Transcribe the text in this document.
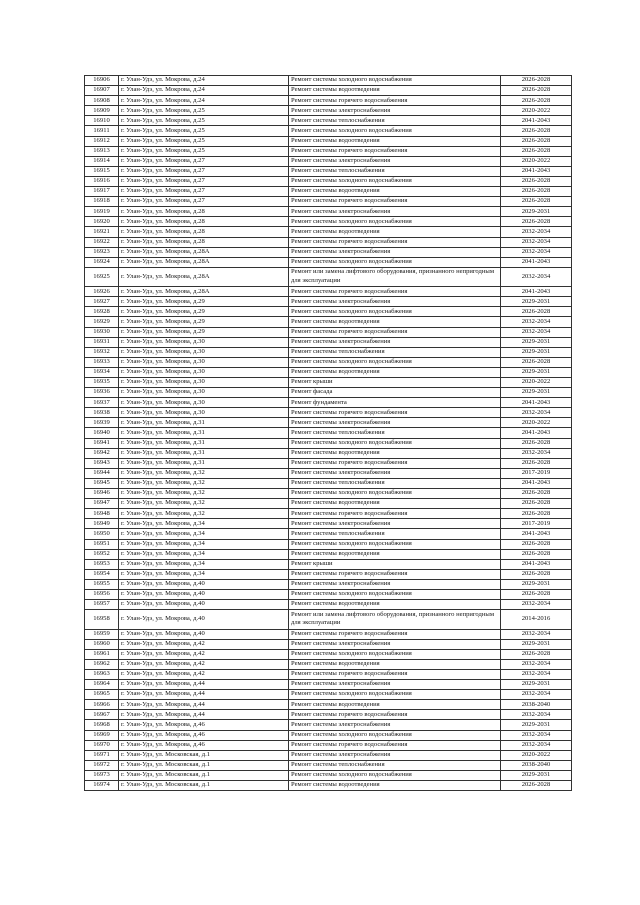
16906	г. Улан-Удэ, ул. Мокрова, д.24	Ремонт системы холодного водоснабжения	2026-2028
16907	г. Улан-Удэ, ул. Мокрова, д.24	Ремонт системы водоотведения	2026-2028
16908	г. Улан-Удэ, ул. Мокрова, д.24	Ремонт системы горячего водоснабжения	2026-2028
16909	г. Улан-Удэ, ул. Мокрова, д.25	Ремонт системы электроснабжения	2020-2022
16910	г. Улан-Удэ, ул. Мокрова, д.25	Ремонт системы теплоснабжения	2041-2043
16911	г. Улан-Удэ, ул. Мокрова, д.25	Ремонт системы холодного водоснабжения	2026-2028
16912	г. Улан-Удэ, ул. Мокрова, д.25	Ремонт системы водоотведения	2026-2028
16913	г. Улан-Удэ, ул. Мокрова, д.25	Ремонт системы горячего водоснабжения	2026-2028
16914	г. Улан-Удэ, ул. Мокрова, д.27	Ремонт системы электроснабжения	2020-2022
16915	г. Улан-Удэ, ул. Мокрова, д.27	Ремонт системы теплоснабжения	2041-2043
16916	г. Улан-Удэ, ул. Мокрова, д.27	Ремонт системы холодного водоснабжения	2026-2028
16917	г. Улан-Удэ, ул. Мокрова, д.27	Ремонт системы водоотведения	2026-2028
16918	г. Улан-Удэ, ул. Мокрова, д.27	Ремонт системы горячего водоснабжения	2026-2028
16919	г. Улан-Удэ, ул. Мокрова, д.28	Ремонт системы электроснабжения	2029-2031
16920	г. Улан-Удэ, ул. Мокрова, д.28	Ремонт системы холодного водоснабжения	2026-2028
16921	г. Улан-Удэ, ул. Мокрова, д.28	Ремонт системы водоотведения	2032-2034
16922	г. Улан-Удэ, ул. Мокрова, д.28	Ремонт системы горячего водоснабжения	2032-2034
16923	г. Улан-Удэ, ул. Мокрова, д.28А	Ремонт системы электроснабжения	2032-2034
16924	г. Улан-Удэ, ул. Мокрова, д.28А	Ремонт системы холодного водоснабжения	2041-2043
16925	г. Улан-Удэ, ул. Мокрова, д.28А	Ремонт или замена лифтового оборудования, признанного непригодным для эксплуатации	2032-2034
16926	г. Улан-Удэ, ул. Мокрова, д.28А	Ремонт системы горячего водоснабжения	2041-2043
16927	г. Улан-Удэ, ул. Мокрова, д.29	Ремонт системы электроснабжения	2029-2031
16928	г. Улан-Удэ, ул. Мокрова, д.29	Ремонт системы холодного водоснабжения	2026-2028
16929	г. Улан-Удэ, ул. Мокрова, д.29	Ремонт системы водоотведения	2032-2034
16930	г. Улан-Удэ, ул. Мокрова, д.29	Ремонт системы горячего водоснабжения	2032-2034
16931	г. Улан-Удэ, ул. Мокрова, д.30	Ремонт системы электроснабжения	2029-2031
16932	г. Улан-Удэ, ул. Мокрова, д.30	Ремонт системы теплоснабжения	2029-2031
16933	г. Улан-Удэ, ул. Мокрова, д.30	Ремонт системы холодного водоснабжения	2026-2028
16934	г. Улан-Удэ, ул. Мокрова, д.30	Ремонт системы водоотведения	2029-2031
16935	г. Улан-Удэ, ул. Мокрова, д.30	Ремонт крыши	2020-2022
16936	г. Улан-Удэ, ул. Мокрова, д.30	Ремонт фасада	2029-2031
16937	г. Улан-Удэ, ул. Мокрова, д.30	Ремонт фундамента	2041-2043
16938	г. Улан-Удэ, ул. Мокрова, д.30	Ремонт системы горячего водоснабжения	2032-2034
16939	г. Улан-Удэ, ул. Мокрова, д.31	Ремонт системы электроснабжения	2020-2022
16940	г. Улан-Удэ, ул. Мокрова, д.31	Ремонт системы теплоснабжения	2041-2043
16941	г. Улан-Удэ, ул. Мокрова, д.31	Ремонт системы холодного водоснабжения	2026-2028
16942	г. Улан-Удэ, ул. Мокрова, д.31	Ремонт системы водоотведения	2032-2034
16943	г. Улан-Удэ, ул. Мокрова, д.31	Ремонт системы горячего водоснабжения	2026-2028
16944	г. Улан-Удэ, ул. Мокрова, д.32	Ремонт системы электроснабжения	2017-2019
16945	г. Улан-Удэ, ул. Мокрова, д.32	Ремонт системы теплоснабжения	2041-2043
16946	г. Улан-Удэ, ул. Мокрова, д.32	Ремонт системы холодного водоснабжения	2026-2028
16947	г. Улан-Удэ, ул. Мокрова, д.32	Ремонт системы водоотведения	2026-2028
16948	г. Улан-Удэ, ул. Мокрова, д.32	Ремонт системы горячего водоснабжения	2026-2028
16949	г. Улан-Удэ, ул. Мокрова, д.34	Ремонт системы электроснабжения	2017-2019
16950	г. Улан-Удэ, ул. Мокрова, д.34	Ремонт системы теплоснабжения	2041-2043
16951	г. Улан-Удэ, ул. Мокрова, д.34	Ремонт системы холодного водоснабжения	2026-2028
16952	г. Улан-Удэ, ул. Мокрова, д.34	Ремонт системы водоотведения	2026-2028
16953	г. Улан-Удэ, ул. Мокрова, д.34	Ремонт крыши	2041-2043
16954	г. Улан-Удэ, ул. Мокрова, д.34	Ремонт системы горячего водоснабжения	2026-2028
16955	г. Улан-Удэ, ул. Мокрова, д.40	Ремонт системы электроснабжения	2029-2031
16956	г. Улан-Удэ, ул. Мокрова, д.40	Ремонт системы холодного водоснабжения	2026-2028
16957	г. Улан-Удэ, ул. Мокрова, д.40	Ремонт системы водоотведения	2032-2034
16958	г. Улан-Удэ, ул. Мокрова, д.40	Ремонт или замена лифтового оборудования, признанного непригодным для эксплуатации	2014-2016
16959	г. Улан-Удэ, ул. Мокрова, д.40	Ремонт системы горячего водоснабжения	2032-2034
16960	г. Улан-Удэ, ул. Мокрова, д.42	Ремонт системы электроснабжения	2029-2031
16961	г. Улан-Удэ, ул. Мокрова, д.42	Ремонт системы холодного водоснабжения	2026-2028
16962	г. Улан-Удэ, ул. Мокрова, д.42	Ремонт системы водоотведения	2032-2034
16963	г. Улан-Удэ, ул. Мокрова, д.42	Ремонт системы горячего водоснабжения	2032-2034
16964	г. Улан-Удэ, ул. Мокрова, д.44	Ремонт системы электроснабжения	2029-2031
16965	г. Улан-Удэ, ул. Мокрова, д.44	Ремонт системы холодного водоснабжения	2032-2034
16966	г. Улан-Удэ, ул. Мокрова, д.44	Ремонт системы водоотведения	2038-2040
16967	г. Улан-Удэ, ул. Мокрова, д.44	Ремонт системы горячего водоснабжения	2032-2034
16968	г. Улан-Удэ, ул. Мокрова, д.46	Ремонт системы электроснабжения	2029-2031
16969	г. Улан-Удэ, ул. Мокрова, д.46	Ремонт системы холодного водоснабжения	2032-2034
16970	г. Улан-Удэ, ул. Мокрова, д.46	Ремонт системы горячего водоснабжения	2032-2034
16971	г. Улан-Удэ, ул. Московская, д.1	Ремонт системы электроснабжения	2020-2022
16972	г. Улан-Удэ, ул. Московская, д.1	Ремонт системы теплоснабжения	2038-2040
16973	г. Улан-Удэ, ул. Московская, д.1	Ремонт системы холодного водоснабжения	2029-2031
16974	г. Улан-Удэ, ул. Московская, д.1	Ремонт системы водоотведения	2026-2028
